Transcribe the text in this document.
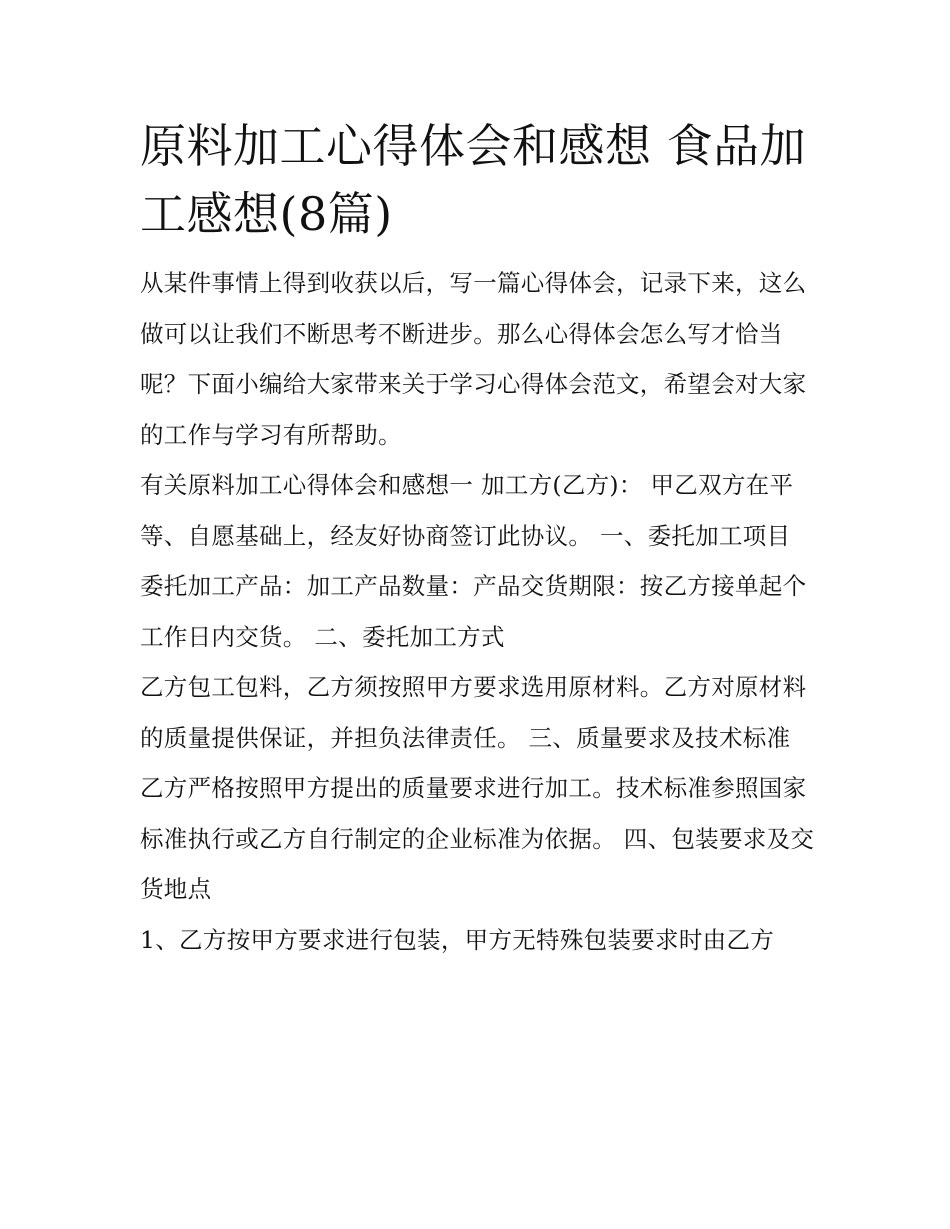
原料加工心得体会和感想 食品加工感想(8篇)

从某件事情上得到收获以后，写一篇心得体会，记录下来，这么做可以让我们不断思考不断进步。那么心得体会怎么写才恰当呢？下面小编给大家带来关于学习心得体会范文，希望会对大家的工作与学习有所帮助。

有关原料加工心得体会和感想一 加工方(乙方)： 甲乙双方在平等、自愿基础上，经友好协商签订此协议。 一、委托加工项目

委托加工产品：加工产品数量：产品交货期限：按乙方接单起个工作日内交货。 二、委托加工方式

乙方包工包料，乙方须按照甲方要求选用原材料。乙方对原材料的质量提供保证，并担负法律责任。 三、质量要求及技术标准

乙方严格按照甲方提出的质量要求进行加工。技术标准参照国家标准执行或乙方自行制定的企业标准为依据。 四、包装要求及交货地点

1、乙方按甲方要求进行包装，甲方无特殊包装要求时由乙方
